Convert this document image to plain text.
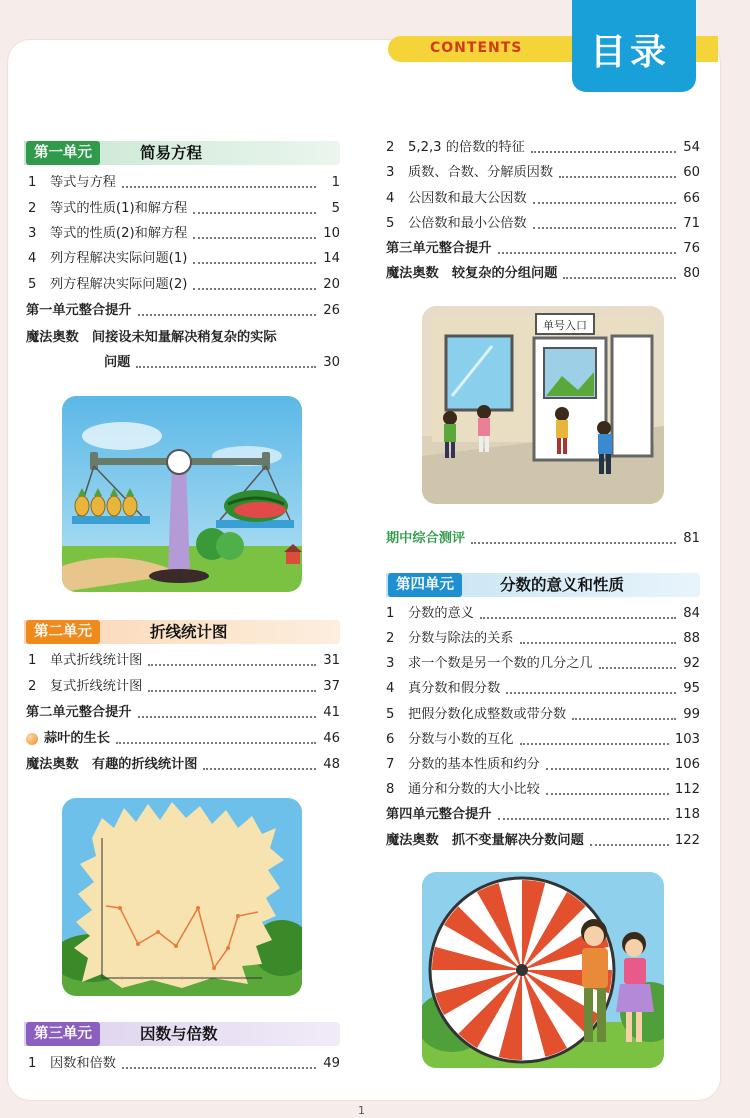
CONTENTS 目录
第一单元	简易方程
1	等式与方程	1
2	等式的性质(1)和解方程	5
3	等式的性质(2)和解方程	10
4	列方程解决实际问题(1)	14
5	列方程解决实际问题(2)	20
第一单元整合提升	26
魔法奥数　间接设未知量解决稍复杂的实际
问题	30
第二单元	折线统计图
1	单式折线统计图	31
2	复式折线统计图	37
第二单元整合提升	41
蒜叶的生长	46
魔法奥数　有趣的折线统计图	48
第三单元	因数与倍数
1	因数和倍数	49
2	5,2,3 的倍数的特征	54
3	质数、合数、分解质因数	60
4	公因数和最大公因数	66
5	公倍数和最小公倍数	71
第三单元整合提升	76
魔法奥数　较复杂的分组问题	80
单号入口
期中综合测评	81
第四单元	分数的意义和性质
1	分数的意义	84
2	分数与除法的关系	88
3	求一个数是另一个数的几分之几	92
4	真分数和假分数	95
5	把假分数化成整数或带分数	99
6	分数与小数的互化	103
7	分数的基本性质和约分	106
8	通分和分数的大小比较	112
第四单元整合提升	118
魔法奥数　抓不变量解决分数问题	122
1
